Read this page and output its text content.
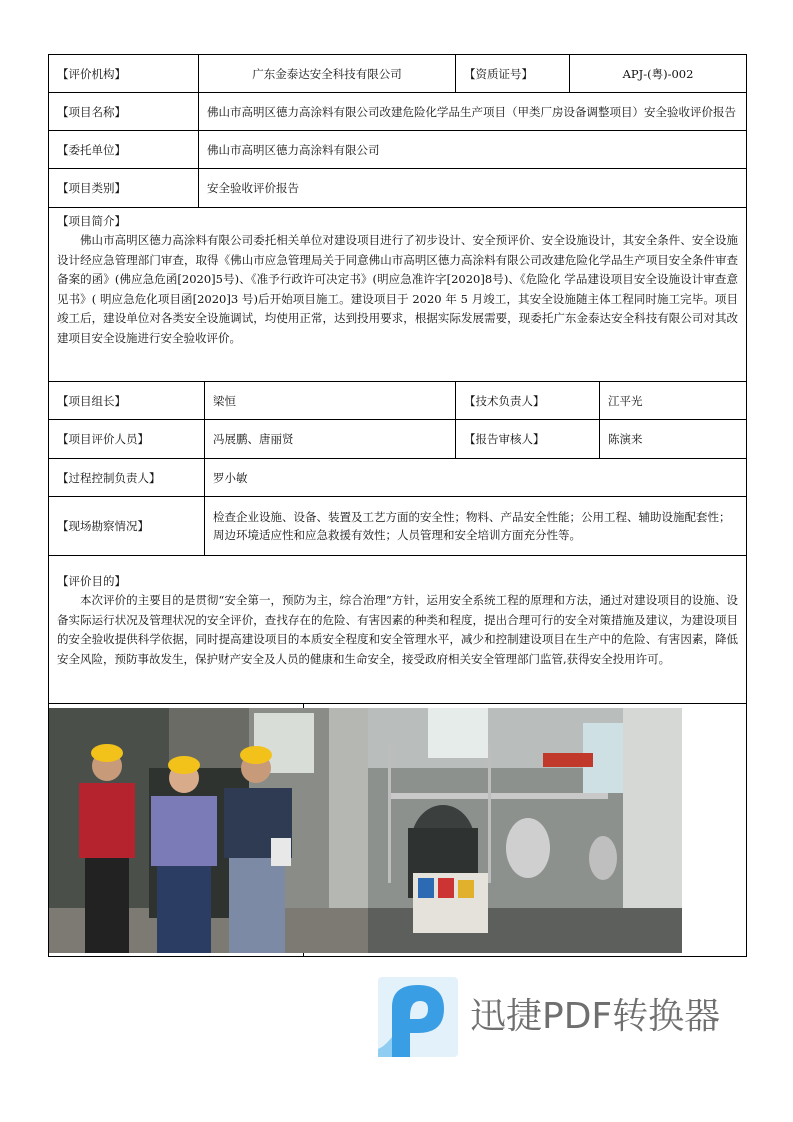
【评价机构】	广东金泰达安全科技有限公司			【资质证号】	APJ-(粤)-002	
【项目名称】	佛山市高明区德力高涂料有限公司改建危险化学品生产项目（甲类厂房设备调整项目）安全验收评价报告					
【委托单位】	佛山市高明区德力高涂料有限公司					
【项目类别】	安全验收评价报告					

【项目简介】

佛山市高明区德力高涂料有限公司委托相关单位对建设项目进行了初步设计、安全预评价、安全设施设计，其安全条件、安全设施设计经应急管理部门审查，取得《佛山市应急管理局关于同意佛山市高明区德力高涂料有限公司改建危险化学品生产项目安全条件审查备案的函》(佛应急危函[2020]5号)、《准予行政许可决定书》(明应急准许字[2020]8号)、《危险化 学品建设项目安全设施设计审查意见书》( 明应急危化项目函[2020]3 号)后开始项目施工。建设项目于 2020 年 5 月竣工，其安全设施随主体工程同时施工完毕。项目竣工后，建设单位对各类安全设施调试，均使用正常，达到投用要求，根据实际发展需要，现委托广东金泰达安全科技有限公司对其改建项目安全设施进行安全验收评价。						

【项目组长】		梁恒		【技术负责人】		江平光
【项目评价人员】		冯展鹏、唐丽贤		【报告审核人】		陈演来
【过程控制负责人】		罗小敏				
【现场勘察情况】		检查企业设施、设备、装置及工艺方面的安全性；物料、产品安全性能；公用工程、辅助设施配套性；周边环境适应性和应急救援有效性；人员管理和安全培训方面充分性等。				

【评价目的】

本次评价的主要目的是贯彻“安全第一，预防为主，综合治理”方针，运用安全系统工程的原理和方法，通过对建设项目的设施、设备实际运行状况及管理状况的安全评价，查找存在的危险、有害因素的种类和程度，提出合理可行的安全对策措施及建议，为建设项目的安全验收提供科学依据，同时提高建设项目的本质安全程度和安全管理水平，减少和控制建设项目在生产中的危险、有害因素，降低安全风险，预防事故发生，保护财产安全及人员的健康和生命安全，接受政府相关安全管理部门监管,获得安全投用许可。						

迅捷PDF转换器
